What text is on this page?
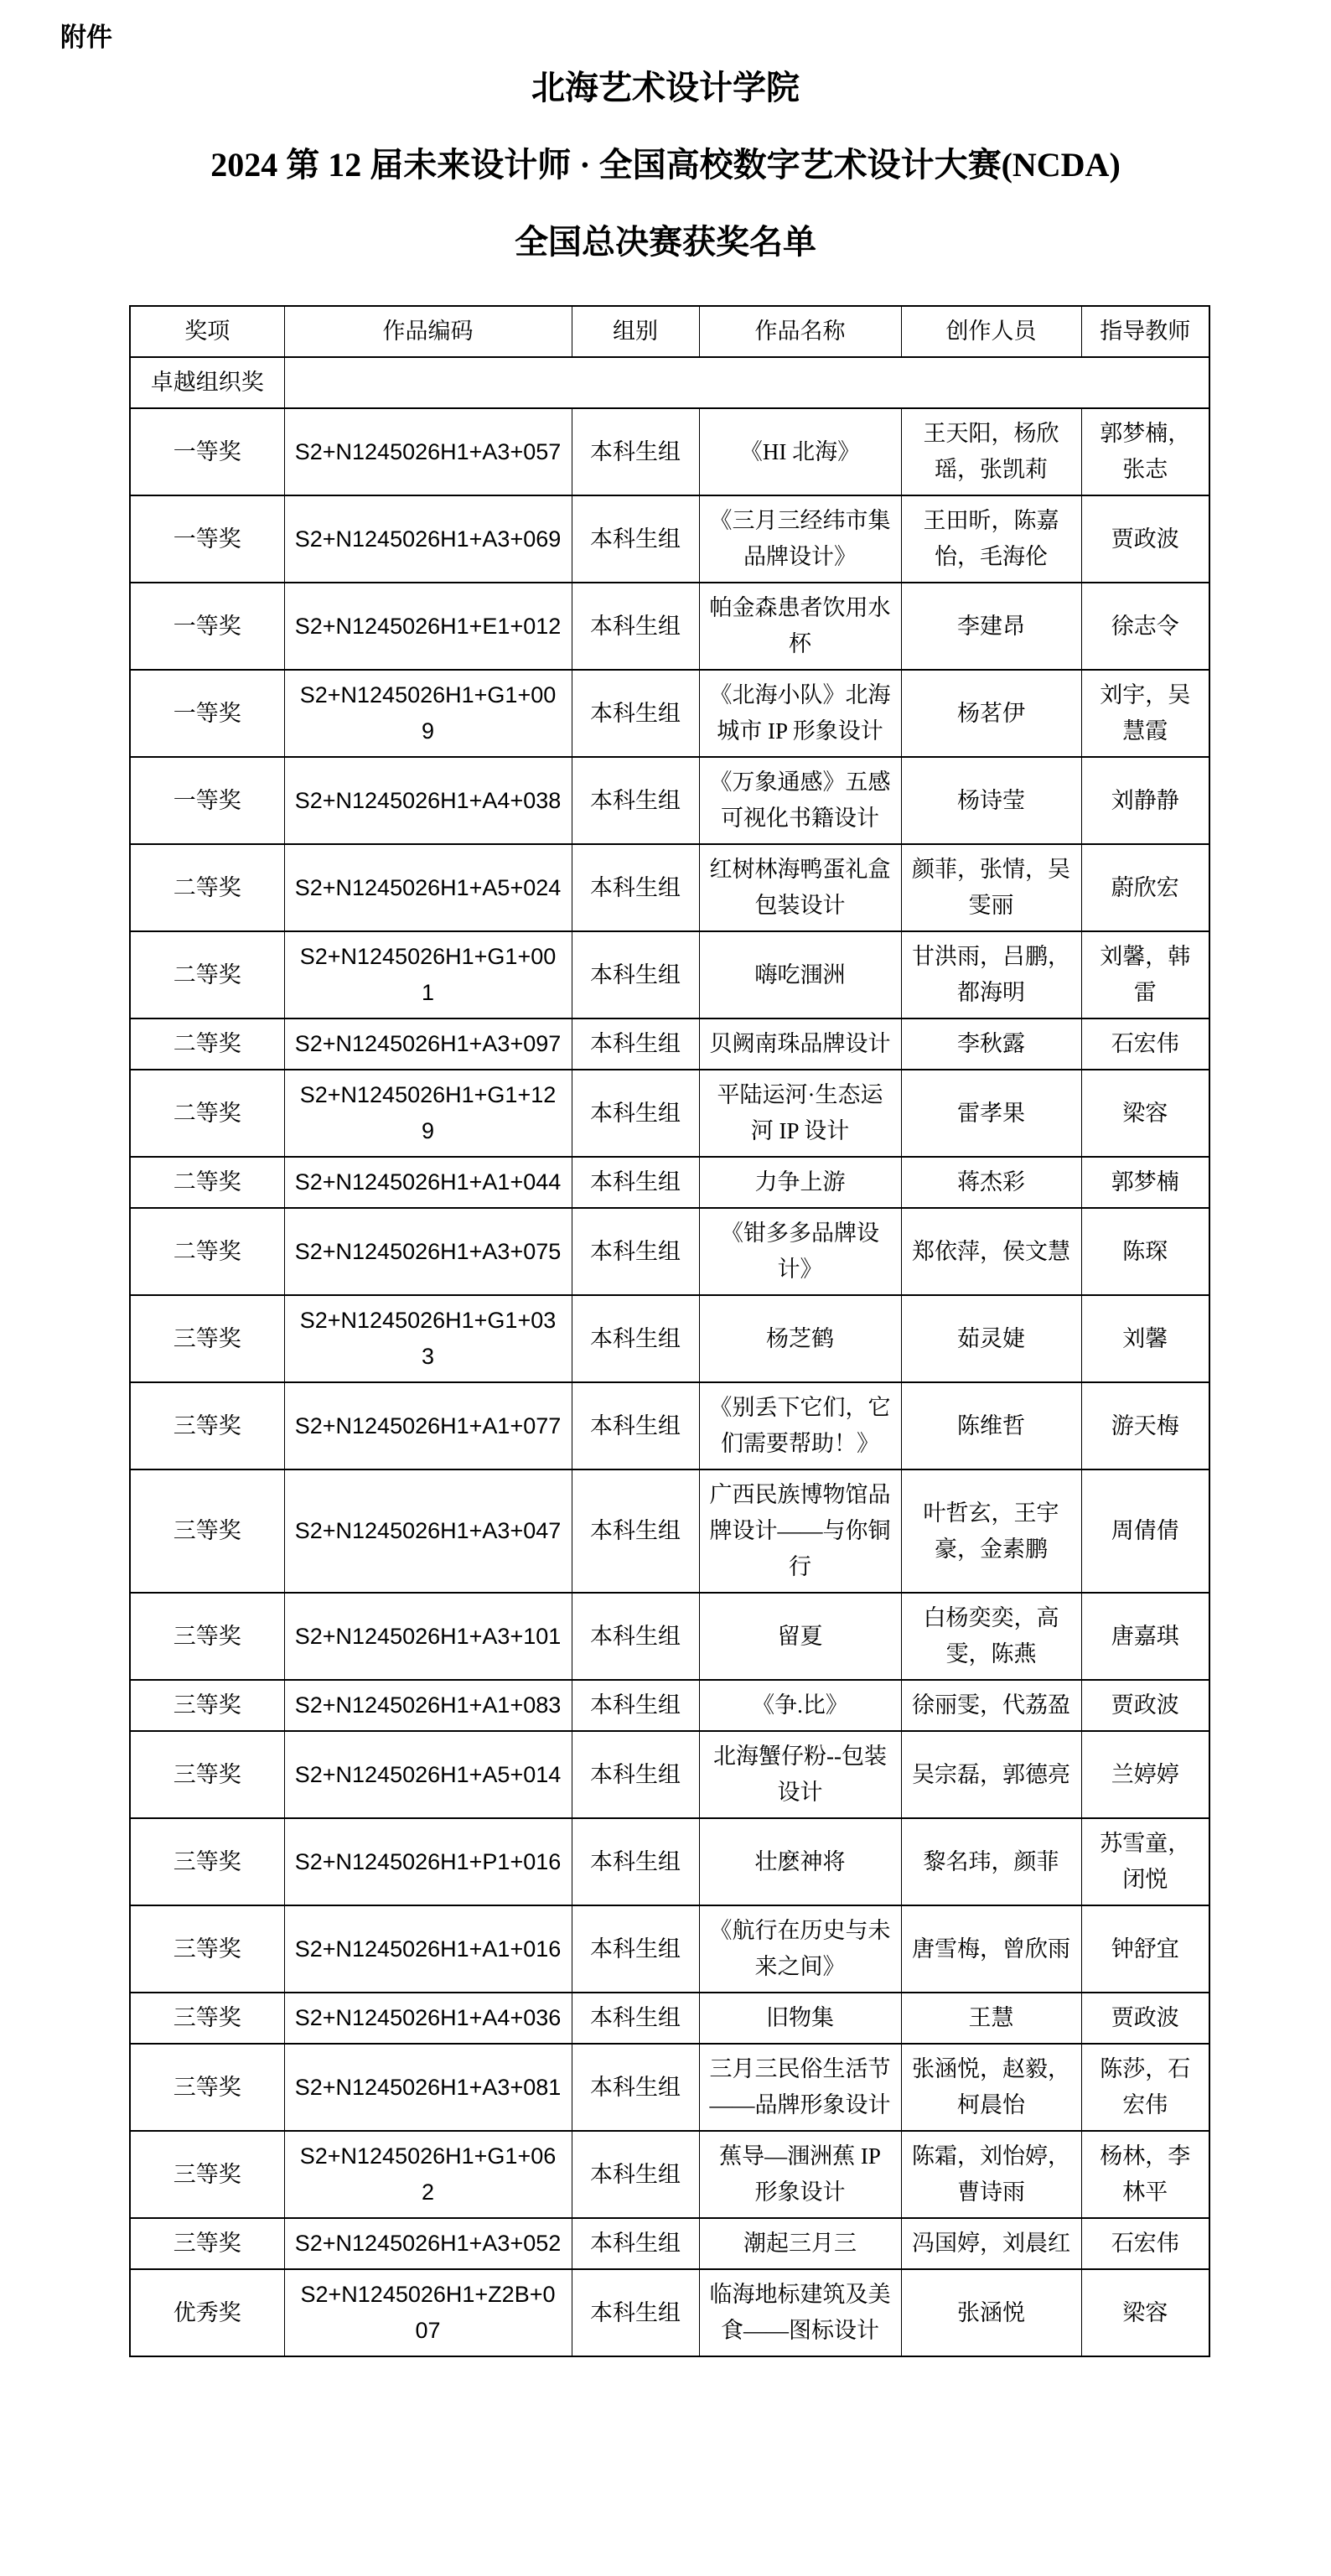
附件
北海艺术设计学院
2024 第 12 届未来设计师 · 全国高校数字艺术设计大赛(NCDA)
全国总决赛获奖名单
奖项	作品编码	组别	作品名称	创作人员	指导教师
卓越组织奖					
一等奖	S2+N1245026H1+A3+057	本科生组	《HI 北海》	王天阳，杨欣瑶，张凯莉	郭梦楠，张志
一等奖	S2+N1245026H1+A3+069	本科生组	《三月三经纬市集品牌设计》	王田昕，陈嘉怡，毛海伦	贾政波
一等奖	S2+N1245026H1+E1+012	本科生组	帕金森患者饮用水杯	李建昂	徐志令
一等奖	S2+N1245026H1+G1+009	本科生组	《北海小队》北海城市 IP 形象设计	杨茗伊	刘宇，吴慧霞
一等奖	S2+N1245026H1+A4+038	本科生组	《万象通感》五感可视化书籍设计	杨诗莹	刘静静
二等奖	S2+N1245026H1+A5+024	本科生组	红树林海鸭蛋礼盒包装设计	颜菲，张情，吴雯丽	蔚欣宏
二等奖	S2+N1245026H1+G1+001	本科生组	嗨吃涠洲	甘洪雨，吕鹏，都海明	刘馨，韩雷
二等奖	S2+N1245026H1+A3+097	本科生组	贝阙南珠品牌设计	李秋露	石宏伟
二等奖	S2+N1245026H1+G1+129	本科生组	平陆运河·生态运河 IP 设计	雷孝果	梁容
二等奖	S2+N1245026H1+A1+044	本科生组	力争上游	蒋杰彩	郭梦楠
二等奖	S2+N1245026H1+A3+075	本科生组	《钳多多品牌设计》	郑依萍，侯文慧	陈琛
三等奖	S2+N1245026H1+G1+033	本科生组	杨芝鹤	茹灵婕	刘馨
三等奖	S2+N1245026H1+A1+077	本科生组	《别丢下它们，它们需要帮助！》	陈维哲	游天梅
三等奖	S2+N1245026H1+A3+047	本科生组	广西民族博物馆品牌设计——与你铜行	叶哲玄，王宇豪，金素鹏	周倩倩
三等奖	S2+N1245026H1+A3+101	本科生组	留夏	白杨奕奕，高雯，陈燕	唐嘉琪
三等奖	S2+N1245026H1+A1+083	本科生组	《争.比》	徐丽雯，代荔盈	贾政波
三等奖	S2+N1245026H1+A5+014	本科生组	北海蟹仔粉--包装设计	吴宗磊，郭德亮	兰婷婷
三等奖	S2+N1245026H1+P1+016	本科生组	壮麽神将	黎名玮，颜菲	苏雪童，闭悦
三等奖	S2+N1245026H1+A1+016	本科生组	《航行在历史与未来之间》	唐雪梅，曾欣雨	钟舒宜
三等奖	S2+N1245026H1+A4+036	本科生组	旧物集	王慧	贾政波
三等奖	S2+N1245026H1+A3+081	本科生组	三月三民俗生活节——品牌形象设计	张涵悦，赵毅，柯晨怡	陈莎，石宏伟
三等奖	S2+N1245026H1+G1+062	本科生组	蕉导—涠洲蕉 IP 形象设计	陈霜，刘怡婷，曹诗雨	杨林，李林平
三等奖	S2+N1245026H1+A3+052	本科生组	潮起三月三	冯国婷，刘晨红	石宏伟
优秀奖	S2+N1245026H1+Z2B+007	本科生组	临海地标建筑及美食——图标设计	张涵悦	梁容
